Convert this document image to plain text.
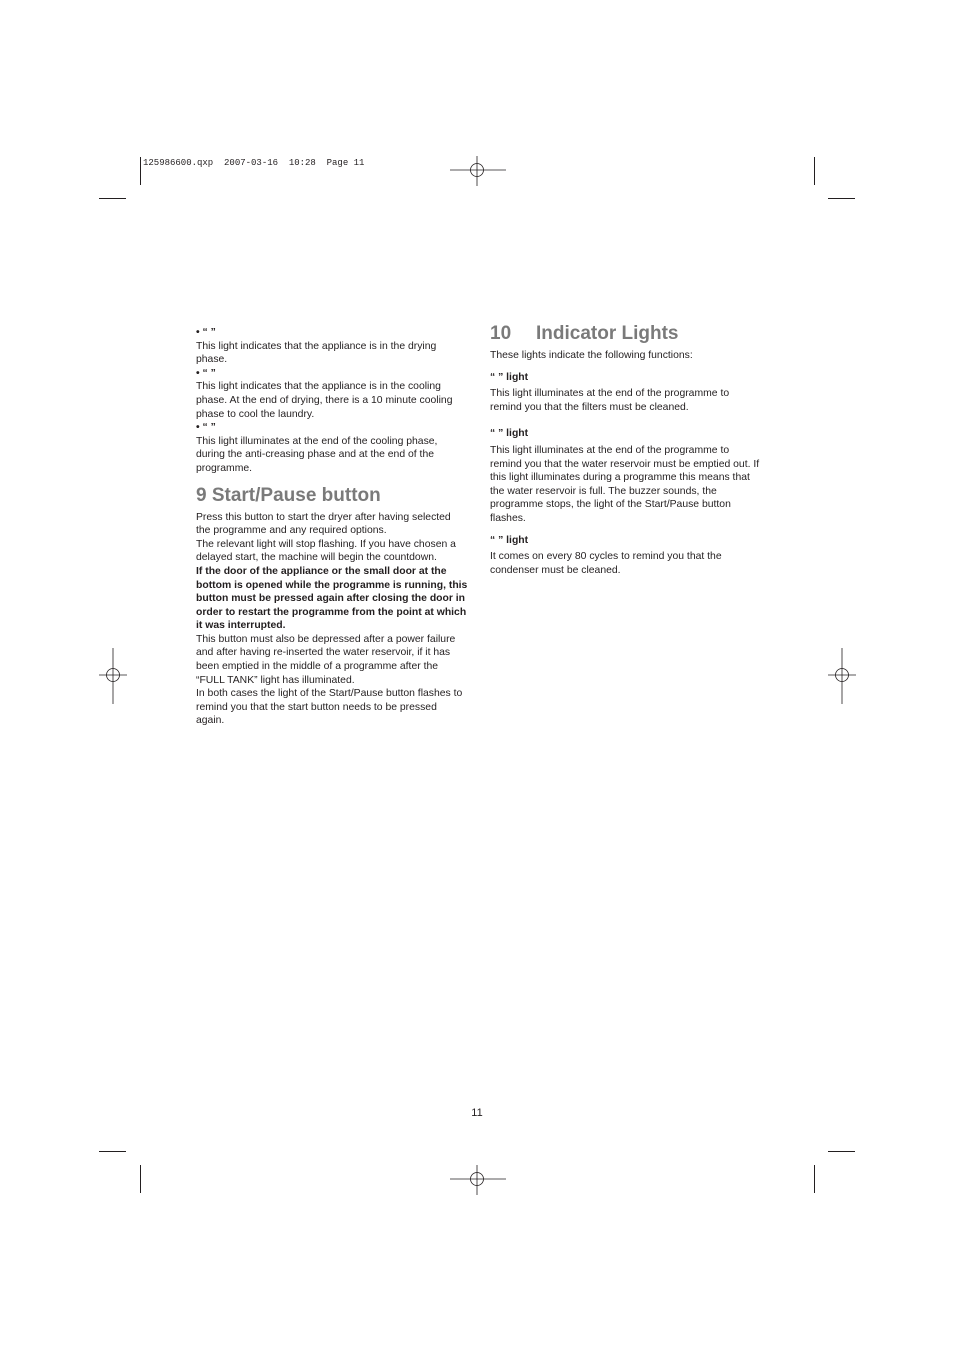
125986600.qxp  2007-03-16  10:28  Page 11

• “ ”

This light indicates that the appliance is in the drying phase.

• “ ”

This light indicates that the appliance is in the cooling phase. At the end of drying, there is a 10 minute cooling phase to cool the laundry.

• “ ”

This light illuminates at the end of the cooling phase, during the anti-creasing phase and at the end of the programme.

9 Start/Pause button

Press this button to start the dryer after having selected the programme and any required options.

The relevant light will stop flashing. If you have chosen a delayed start, the machine will begin the countdown.

If the door of the appliance or the small door at the bottom is opened while the programme is running, this button must be pressed again after closing the door in order to restart the programme from the point at which it was interrupted.

This button must also be depressed after a power failure and after having re-inserted the water reservoir, if it has been emptied in the middle of a programme after the “FULL TANK” light has illuminated.

In both cases the light of the Start/Pause button flashes to remind you that the start button needs to be pressed again.

10 Indicator Lights

These lights indicate the following functions:

“ ” light

This light illuminates at the end of the programme to remind you that the filters must be cleaned.

“ ” light

This light illuminates at the end of the programme to remind you that the water reservoir must be emptied out. If this light illuminates during a programme this means that the water reservoir is full. The buzzer sounds, the programme stops, the light of the Start/Pause button flashes.

“ ” light

It comes on every 80 cycles to remind you that the condenser must be cleaned.

11
